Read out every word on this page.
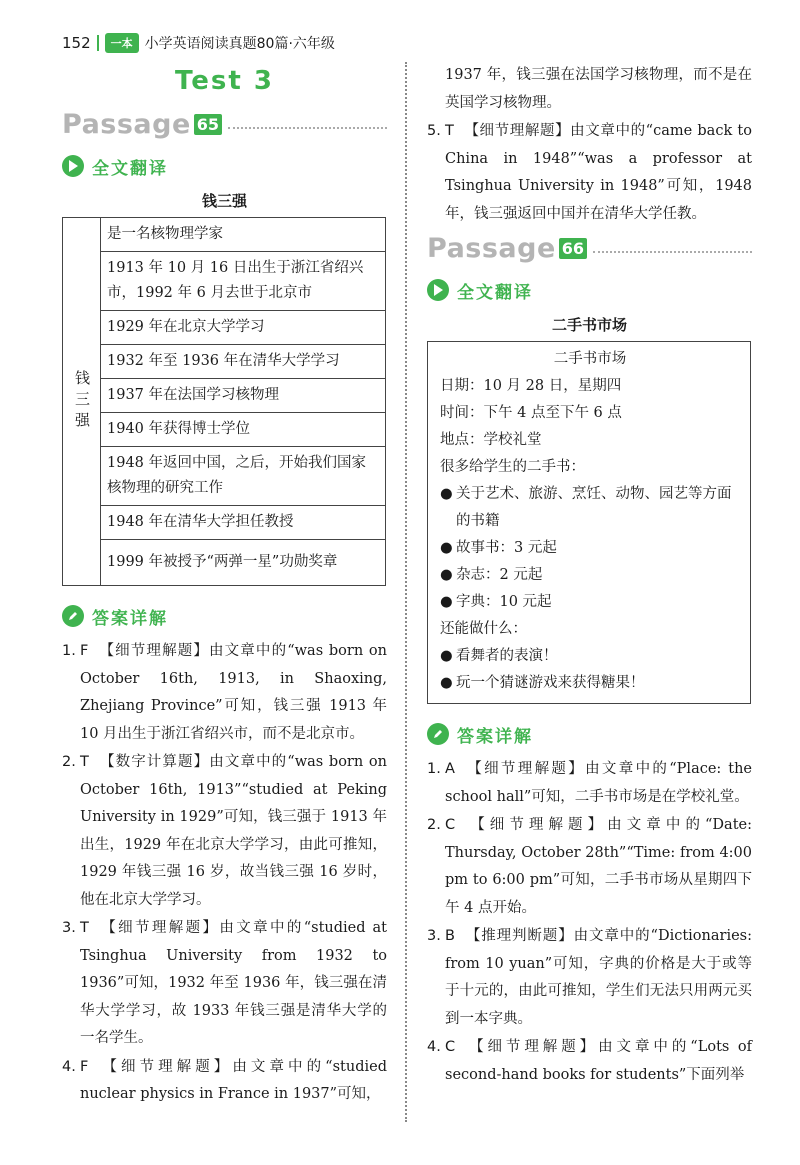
152	一本 小学英语阅读真题80篇·六年级
Test 3
Passage 65
全文翻译
钱三强
钱三强	是一名核物理学家
1913 年 10 月 16 日出生于浙江省绍兴市，1992 年 6 月去世于北京市
1929 年在北京大学学习
1932 年至 1936 年在清华大学学习
1937 年在法国学习核物理
1940 年获得博士学位
1948 年返回中国，之后，开始我们国家核物理的研究工作
1948 年在清华大学担任教授
1999 年被授予“两弹一星”功勋奖章
答案详解
1. F 【细节理解题】由文章中的“was born on October 16th, 1913, in Shaoxing, Zhejiang Province”可知，钱三强 1913 年 10 月出生于浙江省绍兴市，而不是北京市。
2. T 【数字计算题】由文章中的“was born on October 16th, 1913”“studied at Peking University in 1929”可知，钱三强于 1913 年出生，1929 年在北京大学学习，由此可推知，1929 年钱三强 16 岁，故当钱三强 16 岁时，他在北京大学学习。
3. T 【细节理解题】由文章中的“studied at Tsinghua University from 1932 to 1936”可知，1932 年至 1936 年，钱三强在清华大学学习，故 1933 年钱三强是清华大学的一名学生。
4. F 【细节理解题】由文章中的“studied nuclear physics in France in 1937”可知，
1937 年，钱三强在法国学习核物理，而不是在英国学习核物理。
5. T 【细节理解题】由文章中的“came back to China in 1948”“was a professor at Tsinghua University in 1948”可知，1948 年，钱三强返回中国并在清华大学任教。
Passage 66
全文翻译
二手书市场
二手书市场
日期：10 月 28 日，星期四
时间：下午 4 点至下午 6 点
地点：学校礼堂
很多给学生的二手书：
● 关于艺术、旅游、烹饪、动物、园艺等方面的书籍
● 故事书：3 元起
● 杂志：2 元起
● 字典：10 元起
还能做什么：
● 看舞者的表演！
● 玩一个猜谜游戏来获得糖果！
答案详解
1. A 【细节理解题】由文章中的“Place: the school hall”可知，二手书市场是在学校礼堂。
2. C 【细节理解题】由文章中的“Date: Thursday, October 28th”“Time: from 4:00 pm to 6:00 pm”可知，二手书市场从星期四下午 4 点开始。
3. B 【推理判断题】由文章中的“Dictionaries: from 10 yuan”可知，字典的价格是大于或等于十元的，由此可推知，学生们无法只用两元买到一本字典。
4. C 【细节理解题】由文章中的“Lots of second-hand books for students”下面列举
